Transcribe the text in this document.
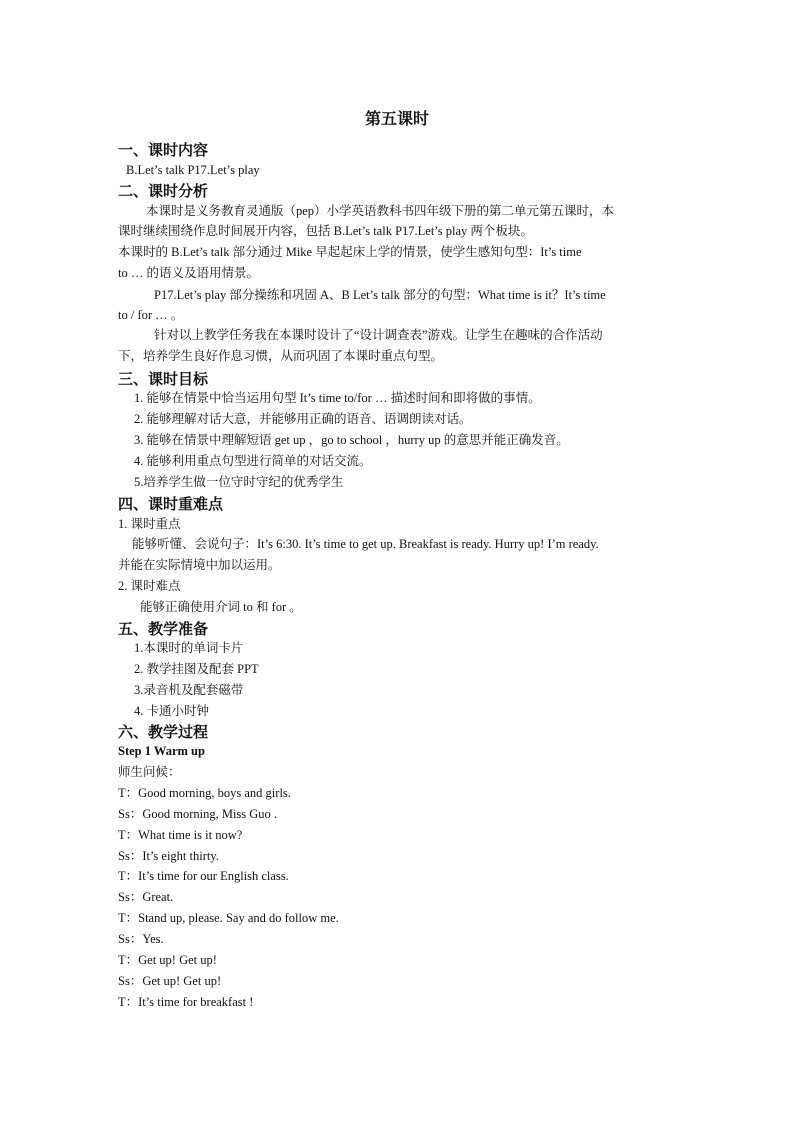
第五课时
一、课时内容
B.Let’s talk P17.Let’s play
二、课时分析
本课时是义务教育灵通版（pep）小学英语教科书四年级下册的第二单元第五课时，本
课时继续围绕作息时间展开内容，包括 B.Let’s talk P17.Let’s play 两个板块。
本课时的 B.Let’s talk 部分通过 Mike 早起起床上学的情景，使学生感知句型：It’s time
to … 的语义及语用情景。
P17.Let’s play 部分操练和巩固 A、B Let’s talk 部分的句型：What time is it？It’s time
to / for … 。
针对以上教学任务我在本课时设计了“设计调查表”游戏。让学生在趣味的合作活动
下，培养学生良好作息习惯，从而巩固了本课时重点句型。
三、课时目标
1. 能够在情景中恰当运用句型 It’s time to/for … 描述时间和即将做的事情。
2. 能够理解对话大意，并能够用正确的语音、语调朗读对话。
3. 能够在情景中理解短语 get up ，go to school ，hurry up 的意思并能正确发音。
4. 能够利用重点句型进行简单的对话交流。
5.培养学生做一位守时守纪的优秀学生
四、课时重难点
1. 课时重点
能够听懂、会说句子：It’s 6:30. It’s time to get up. Breakfast is ready. Hurry up! I’m ready.
并能在实际情境中加以运用。
2. 课时难点
能够正确使用介词 to 和 for 。
五、教学准备
1.本课时的单词卡片
2. 教学挂图及配套 PPT
3.录音机及配套磁带
4. 卡通小时钟
六、教学过程
Step 1 Warm up
师生问候：
T：Good morning, boys and girls.
Ss：Good morning, Miss Guo .
T：What time is it now?
Ss：It’s eight thirty.
T：It’s time for our English class.
Ss：Great.
T：Stand up, please. Say and do follow me.
Ss：Yes.
T：Get up! Get up!
Ss：Get up! Get up!
T：It’s time for breakfast !
